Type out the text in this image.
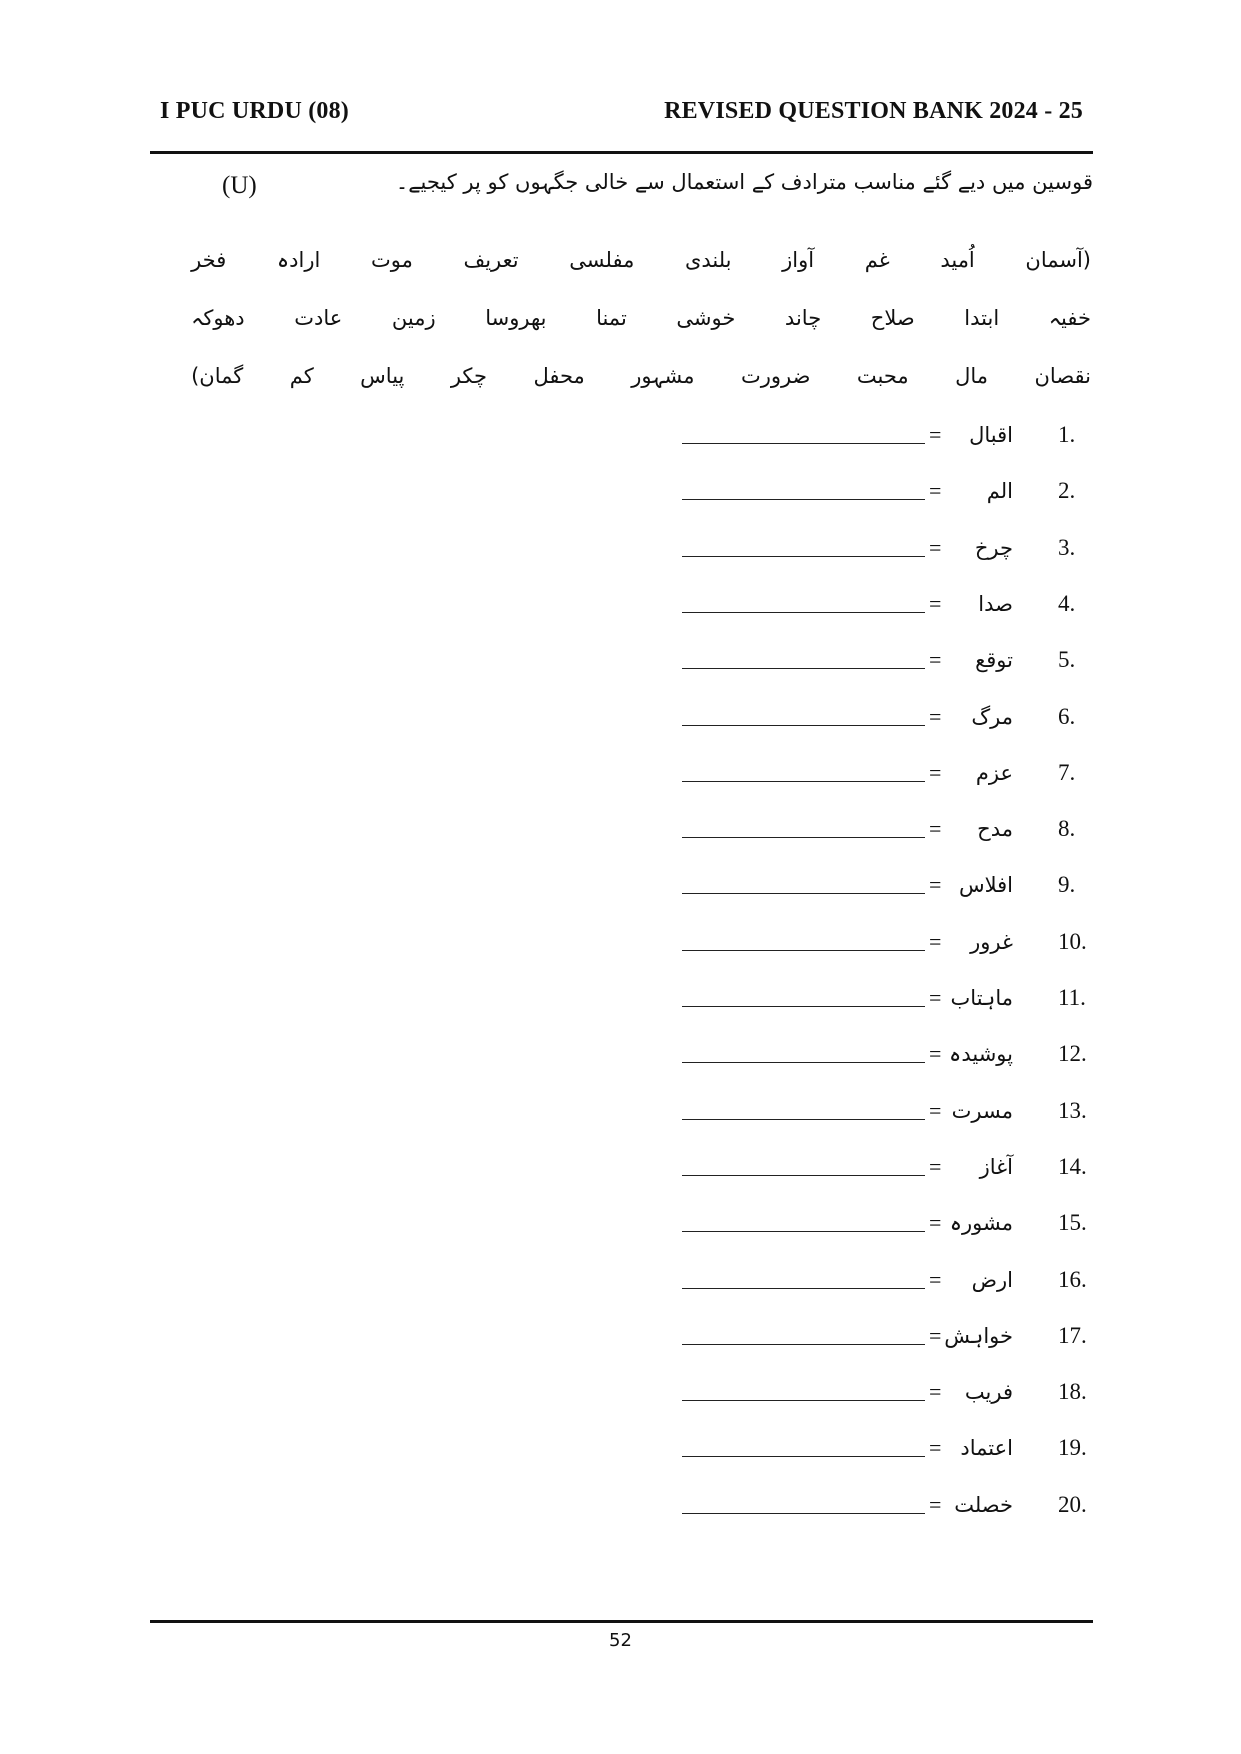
I PUC URDU (08)	REVISED QUESTION BANK 2024 - 25
قوسین میں دیے گئے مناسب مترادف کے استعمال سے خالی جگہوں کو پر کیجیے۔
(U)
(آسمان
اُمید
غم
آواز
بلندی
مفلسی
تعریف
موت
ارادہ
فخر
خفیہ
ابتدا
صلاح
چاند
خوشی
تمنا
بھروسا
زمین
عادت
دھوکہ
نقصان
مال
محبت
ضرورت
مشہور
محفل
چکر
پیاس
کم
گمان)
1.
اقبال
=
2.
الم
=
3.
چرخ
=
4.
صدا
=
5.
توقع
=
6.
مرگ
=
7.
عزم
=
8.
مدح
=
9.
افلاس
=
10.
غرور
=
11.
ماہتاب
=
12.
پوشیدہ
=
13.
مسرت
=
14.
آغاز
=
15.
مشورہ
=
16.
ارض
=
17.
خواہش
=
18.
فریب
=
19.
اعتماد
=
20.
خصلت
=
52
